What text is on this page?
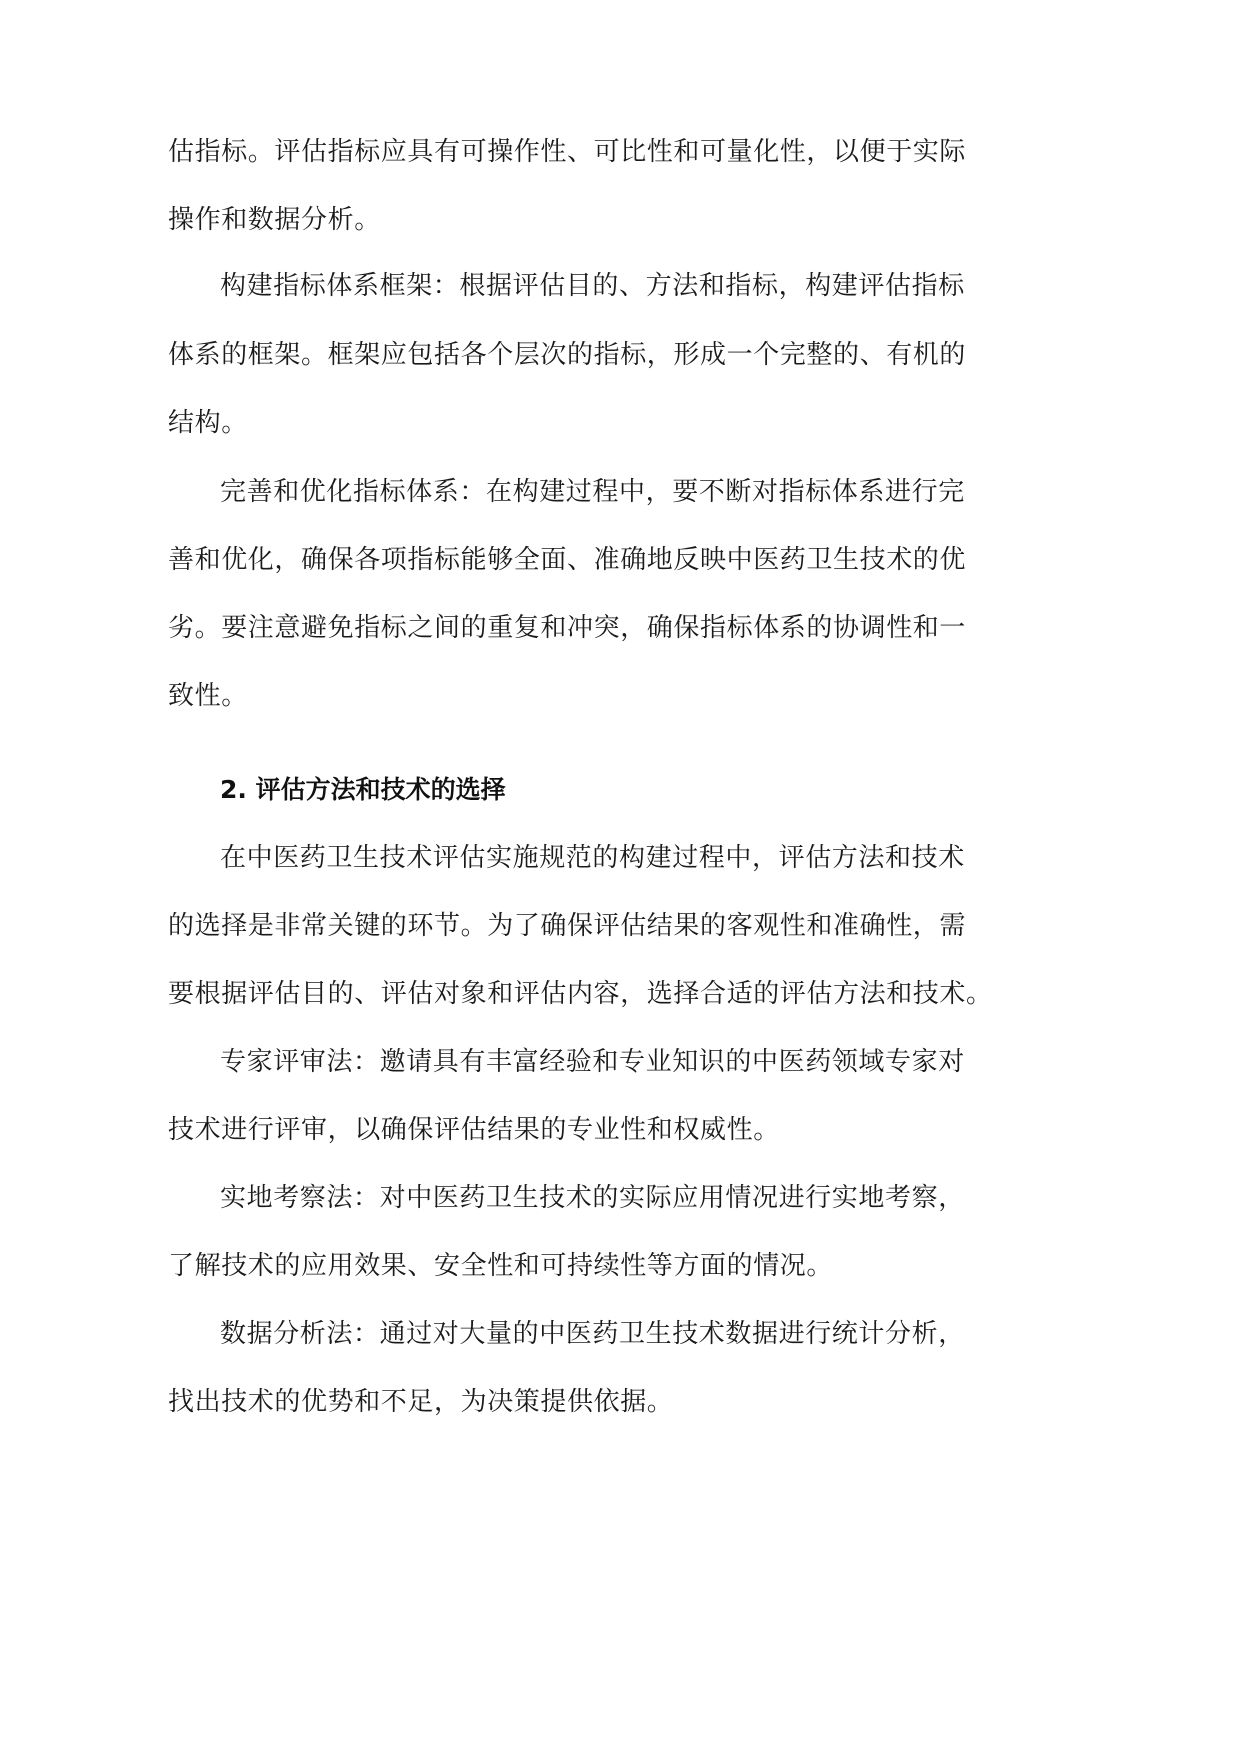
估指标。评估指标应具有可操作性、可比性和可量化性，以便于实际
操作和数据分析。
构建指标体系框架：根据评估目的、方法和指标，构建评估指标
体系的框架。框架应包括各个层次的指标，形成一个完整的、有机的
结构。
完善和优化指标体系：在构建过程中，要不断对指标体系进行完
善和优化，确保各项指标能够全面、准确地反映中医药卫生技术的优
劣。要注意避免指标之间的重复和冲突，确保指标体系的协调性和一
致性。
2. 评估方法和技术的选择
在中医药卫生技术评估实施规范的构建过程中，评估方法和技术
的选择是非常关键的环节。为了确保评估结果的客观性和准确性，需
要根据评估目的、评估对象和评估内容，选择合适的评估方法和技术。
专家评审法：邀请具有丰富经验和专业知识的中医药领域专家对
技术进行评审，以确保评估结果的专业性和权威性。
实地考察法：对中医药卫生技术的实际应用情况进行实地考察，
了解技术的应用效果、安全性和可持续性等方面的情况。
数据分析法：通过对大量的中医药卫生技术数据进行统计分析，
找出技术的优势和不足，为决策提供依据。
